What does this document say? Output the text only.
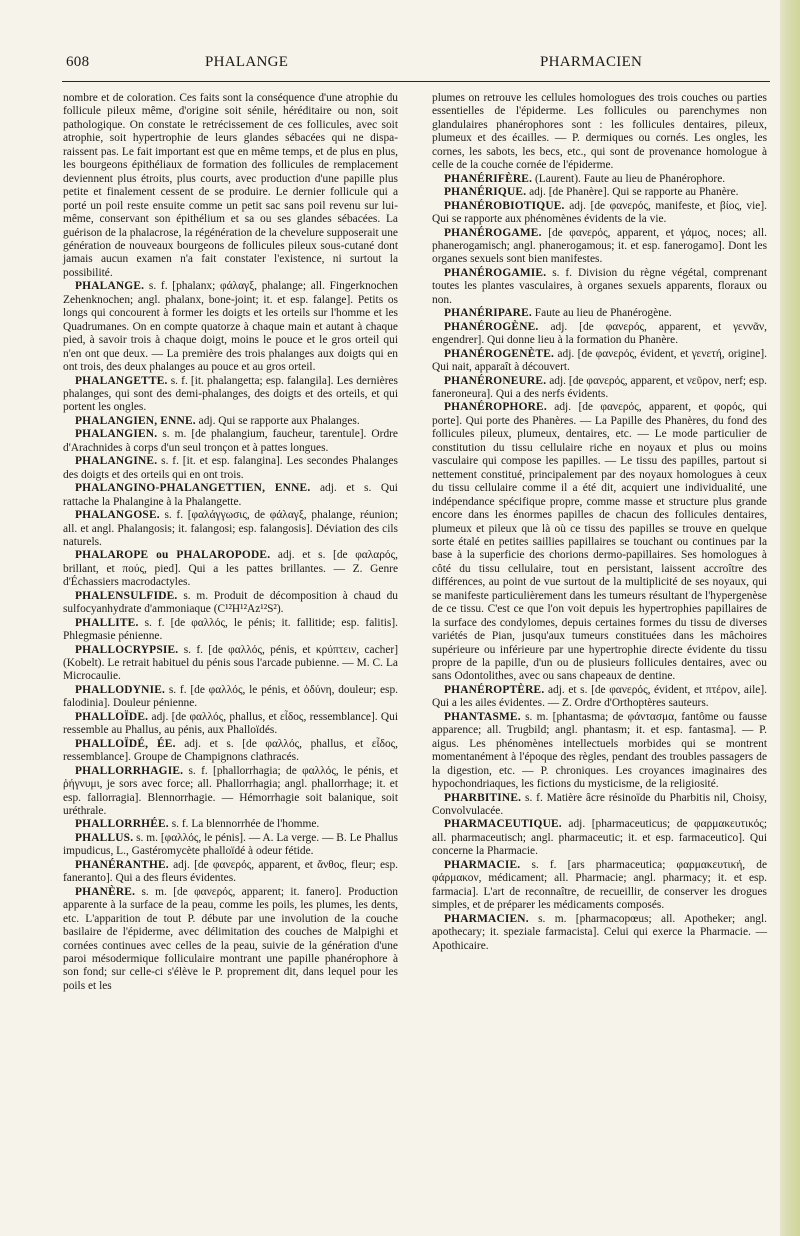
608	PHALANGE	PHARMACIEN

nombre et de coloration. Ces faits sont la conséquence d'une atrophie du follicule pileux même, d'origine soit sénile, héréditaire ou non, soit pathologique. On constate le retrécissement de ces follicules, avec soit atrophie, soit hypertrophie de leurs glandes sébacées qui ne dispa-raissent pas. Le fait important est que en même temps, et de plus en plus, les bourgeons épithéliaux de formation des follicules de remplacement deviennent plus étroits, plus courts, avec production d'une papille plus petite et finalement cessent de se produire. Le dernier follicule qui a porté un poil reste ensuite comme un petit sac sans poil revenu sur lui-même, conservant son épithélium et sa ou ses glandes sébacées. La guérison de la phalacrose, la régénération de la chevelure supposerait une génération de nouveaux bourgeons de follicules pileux sous-cutané dont jamais aucun examen n'a fait constater l'existence, ni surtout la possibilité.

PHALANGE. s. f. [phalanx; φάλαγξ, phalange; all. Fingerknochen Zehenknochen; angl. phalanx, bone-joint; it. et esp. falange]. Petits os longs qui concourent à former les doigts et les orteils sur l'homme et les Quadrumanes. On en compte quatorze à chaque main et autant à chaque pied, à savoir trois à chaque doigt, moins le pouce et le gros orteil qui n'en ont que deux. — La première des trois phalanges aux doigts qui en ont trois, des deux phalanges au pouce et au gros orteil.

PHALANGETTE. s. f. [it. phalangetta; esp. falangila]. Les dernières phalanges, qui sont des demi-phalanges, des doigts et des orteils, et qui portent les ongles.

PHALANGIEN, ENNE. adj. Qui se rapporte aux Phalanges.

PHALANGIEN. s. m. [de phalangium, faucheur, tarentule]. Ordre d'Arachnides à corps d'un seul tronçon et à pattes longues.

PHALANGINE. s. f. [it. et esp. falangina]. Les secondes Phalanges des doigts et des orteils qui en ont trois.

PHALANGINO-PHALANGETTIEN, ENNE. adj. et s. Qui rattache la Phalangine à la Phalangette.

PHALANGOSE. s. f. [φαλάγγωσις, de φάλαγξ, phalange, réunion; all. et angl. Phalangosis; it. falangosi; esp. falangosis]. Déviation des cils naturels.

PHALAROPE ou PHALAROPODE. adj. et s. [de φαλαρός, brillant, et πούς, pied]. Qui a les pattes brillantes. — Z. Genre d'Échassiers macrodactyles.

PHALENSULFIDE. s. m. Produit de décomposition à chaud du sulfocyanhydrate d'ammoniaque (C¹²H¹²Az¹²S²).

PHALLITE. s. f. [de φαλλός, le pénis; it. fallitide; esp. falitis]. Phlegmasie pénienne.

PHALLOCRYPSIE. s. f. [de φαλλός, pénis, et κρύπτειν, cacher] (Kobelt). Le retrait habituel du pénis sous l'arcade pubienne. — M. C. La Microcaulie.

PHALLODYNIE. s. f. [de φαλλός, le pénis, et ὀδύνη, douleur; esp. falodinia]. Douleur pénienne.

PHALLOÏDE. adj. [de φαλλός, phallus, et εἶδος, ressemblance]. Qui ressemble au Phallus, au pénis, aux Phalloïdés.

PHALLOÏDÉ, ÉE. adj. et s. [de φαλλός, phallus, et εἶδος, ressemblance]. Groupe de Champignons clathracés.

PHALLORRHAGIE. s. f. [phallorrhagia; de φαλλός, le pénis, et ῥήγνυμι, je sors avec force; all. Phallorrhagia; angl. phallorrhage; it. et esp. fallorragia]. Blennorrhagie. — Hémorrhagie soit balanique, soit uréthrale.

PHALLORRHÉE. s. f. La blennorrhée de l'homme.

PHALLUS. s. m. [φαλλός, le pénis]. — A. La verge. — B. Le Phallus impudicus, L., Gastéromycète phalloïdé à odeur fétide.

PHANÉRANTHE. adj. [de φανερός, apparent, et ἄνθος, fleur; esp. faneranto]. Qui a des fleurs évidentes.

PHANÈRE. s. m. [de φανερός, apparent; it. fanero]. Production apparente à la surface de la peau, comme les poils, les plumes, les dents, etc. L'apparition de tout P. débute par une involution de la couche basilaire de l'épiderme, avec délimitation des couches de Malpighi et cornées continues avec celles de la peau, suivie de la génération d'une paroi mésodermique folliculaire montrant une papille phanérophore à son fond; sur celle-ci s'élève le P. proprement dit, dans lequel pour les poils et les

plumes on retrouve les cellules homologues des trois couches ou parties essentielles de l'épiderme. Les follicules ou parenchymes non glandulaires phanérophores sont : les follicules dentaires, pileux, plumeux et des écailles. — P. dermiques ou cornés. Les ongles, les cornes, les sabots, les becs, etc., qui sont de provenance homologue à celle de la couche cornée de l'épiderme.

PHANÉRIFÈRE. (Laurent). Faute au lieu de Phanérophore.

PHANÉRIQUE. adj. [de Phanère]. Qui se rapporte au Phanère.

PHANÉROBIOTIQUE. adj. [de φανερός, manifeste, et βίος, vie]. Qui se rapporte aux phénomènes évidents de la vie.

PHANÉROGAME. [de φανερός, apparent, et γάμος, noces; all. phanerogamisch; angl. phanerogamous; it. et esp. fanerogamo]. Dont les organes sexuels sont bien manifestes.

PHANÉROGAMIE. s. f. Division du règne végétal, comprenant toutes les plantes vasculaires, à organes sexuels apparents, floraux ou non.

PHANÉRIPARE. Faute au lieu de Phanérogène.

PHANÉROGÈNE. adj. [de φανερός, apparent, et γεννᾶν, engendrer]. Qui donne lieu à la formation du Phanère.

PHANÉROGENÈTE. adj. [de φανερός, évident, et γενετή, origine]. Qui nait, apparaît à découvert.

PHANÉRONEURE. adj. [de φανερός, apparent, et νεῦρον, nerf; esp. faneroneura]. Qui a des nerfs évidents.

PHANÉROPHORE. adj. [de φανερός, apparent, et φορός, qui porte]. Qui porte des Phanères. — La Papille des Phanères, du fond des follicules pileux, plumeux, dentaires, etc. — Le mode particulier de constitution du tissu cellulaire riche en noyaux et plus ou moins vasculaire qui compose les papilles. — Le tissu des papilles, partout si nettement constitué, principalement par des noyaux homologues à ceux du tissu cellulaire comme il a été dit, acquiert une individualité, une indépendance spécifique propre, comme masse et structure plus grande encore dans les énormes papilles de chacun des follicules dentaires, plumeux et pileux que là où ce tissu des papilles se trouve en quelque sorte étalé en petites saillies papillaires se touchant ou continues par la base à la superficie des chorions dermo-papillaires. Ses homologues à côté du tissu cellulaire, tout en persistant, laissent accroître des différences, au point de vue surtout de la multiplicité de ses noyaux, qui se manifeste particulièrement dans les tumeurs résultant de l'hypergenèse de ce tissu. C'est ce que l'on voit depuis les hypertrophies papillaires de la surface des condylomes, depuis certaines formes du tissu de diverses variétés de Pian, jusqu'aux tumeurs constituées dans les mâchoires supérieure ou inférieure par une hypertrophie directe évidente du tissu propre de la papille, d'un ou de plusieurs follicules dentaires, avec ou sans Odontolithes, avec ou sans chapeaux de dentine.

PHANÉROPTÈRE. adj. et s. [de φανερός, évident, et πτέρον, aile]. Qui a les ailes évidentes. — Z. Ordre d'Orthoptères sauteurs.

PHANTASME. s. m. [phantasma; de φάντασμα, fantôme ou fausse apparence; all. Trugbild; angl. phantasm; it. et esp. fantasma]. — P. aigus. Les phénomènes intellectuels morbides qui se montrent momentanément à l'époque des règles, pendant des troubles passagers de la digestion, etc. — P. chroniques. Les croyances imaginaires des hypochondriaques, les fictions du mysticisme, de la religiosité.

PHARBITINE. s. f. Matière âcre résinoïde du Pharbitis nil, Choisy, Convolvulacée.

PHARMACEUTIQUE. adj. [pharmaceuticus; de φαρμακευτικός; all. pharmaceutisch; angl. pharmaceutic; it. et esp. farmaceutico]. Qui concerne la Pharmacie.

PHARMACIE. s. f. [ars pharmaceutica; φαρμακευτική, de φάρμακον, médicament; all. Pharmacie; angl. pharmacy; it. et esp. farmacia]. L'art de reconnaître, de recueillir, de conserver les drogues simples, et de préparer les médicaments composés.

PHARMACIEN. s. m. [pharmacopœus; all. Apotheker; angl. apothecary; it. speziale farmacista]. Celui qui exerce la Pharmacie. — Apothicaire.
